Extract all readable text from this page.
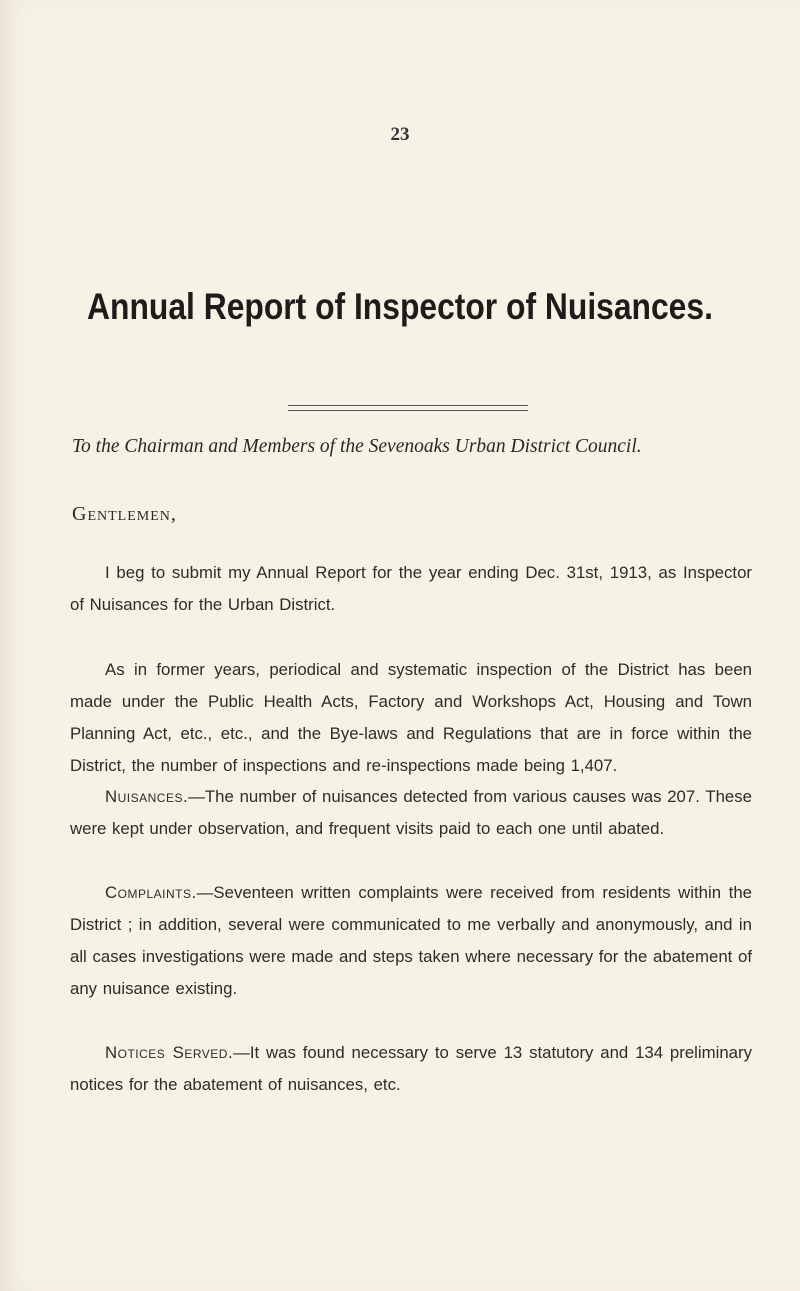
23
Annual Report of Inspector of Nuisances.
To the Chairman and Members of the Sevenoaks Urban District Council.
Gentlemen,
I beg to submit my Annual Report for the year ending Dec. 31st, 1913, as Inspector of Nuisances for the Urban District.
As in former years, periodical and systematic inspection of the District has been made under the Public Health Acts, Factory and Workshops Act, Housing and Town Planning Act, etc., etc., and the Bye-laws and Regulations that are in force within the District, the number of inspections and re-inspections made being 1,407.
Nuisances.—The number of nuisances detected from various causes was 207. These were kept under observation, and frequent visits paid to each one until abated.
Complaints.—Seventeen written complaints were received from residents within the District ; in addition, several were communicated to me verbally and anonymously, and in all cases investigations were made and steps taken where necessary for the abatement of any nuisance existing.
Notices Served.—It was found necessary to serve 13 statutory and 134 preliminary notices for the abatement of nuisances, etc.
